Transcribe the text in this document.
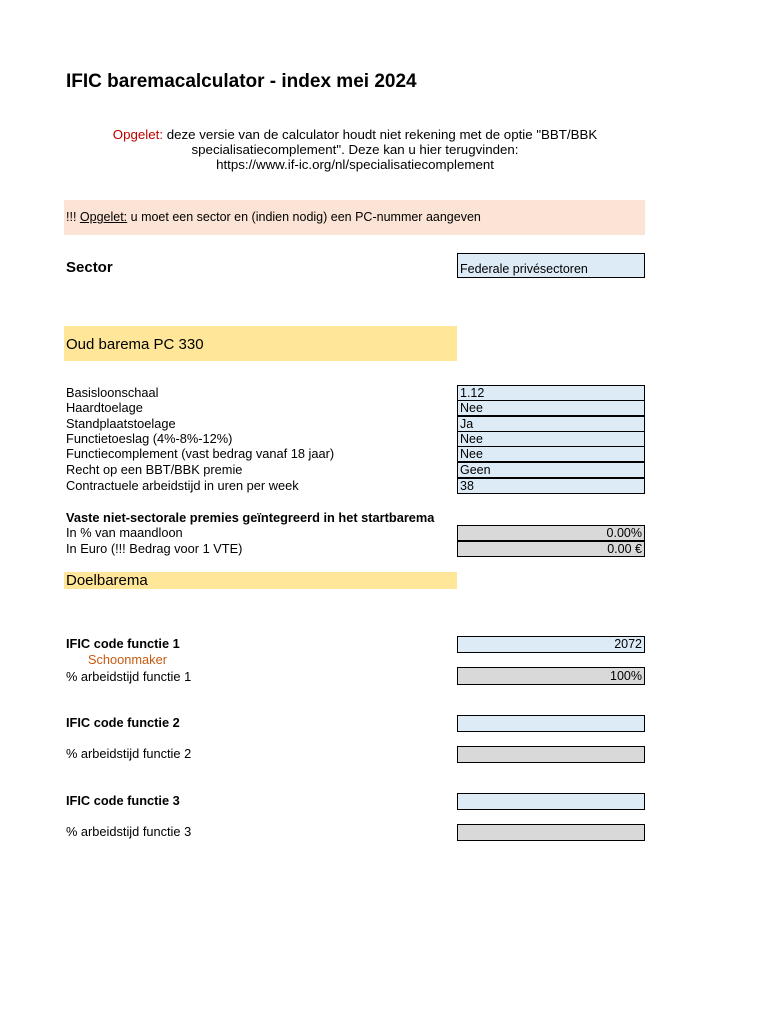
IFIC baremacalculator - index mei 2024
Opgelet: deze versie van de calculator houdt niet rekening met de optie "BBT/BBK
specialisatiecomplement". Deze kan u hier terugvinden:
https://www.if-ic.org/nl/specialisatiecomplement
!!! Opgelet: u moet een sector en (indien nodig) een PC-nummer aangeven
Sector	Federale privésectoren
Oud barema PC 330
Basisloonschaal	1.12
Haardtoelage	Nee
Standplaatstoelage	Ja
Functietoeslag (4%-8%-12%)	Nee
Functiecomplement (vast bedrag vanaf 18 jaar)	Nee
Recht op een BBT/BBK premie	Geen
Contractuele arbeidstijd in uren per week	38
Vaste niet-sectorale premies geïntegreerd in het startbarema
In % van maandloon	0.00%
In Euro (!!! Bedrag voor 1 VTE)	0.00 €
Doelbarema
IFIC code functie 1	2072
Schoonmaker
% arbeidstijd functie 1	100%
IFIC code functie 2
% arbeidstijd functie 2
IFIC code functie 3
% arbeidstijd functie 3
